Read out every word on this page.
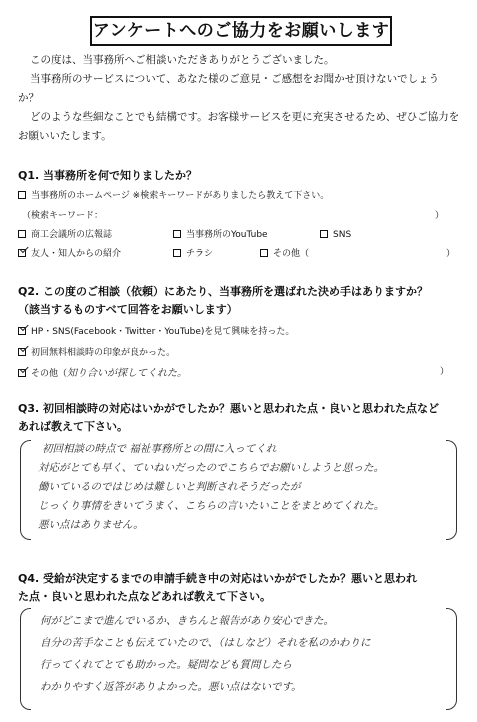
アンケートへのご協力をお願いします
この度は、当事務所へご相談いただきありがとうございました。
当事務所のサービスについて、あなた様のご意見・ご感想をお聞かせ頂けないでしょう
か？
どのような些細なことでも結構です。お客様サービスを更に充実させるため、ぜひご協力を
お願いいたします。
Q1. 当事務所を何で知りましたか？
当事務所のホームページ ※検索キーワードがありましたら教えて下さい。
（検索キーワード：	）
商工会議所の広報誌	当事務所のYouTube	SNS
友人・知人からの紹介	チラシ	その他（	）
Q2. この度のご相談（依頼）にあたり、当事務所を選ばれた決め手はありますか？
（該当するものすべて回答をお願いします）
HP・SNS(Facebook・Twitter・YouTube)を見て興味を持った。
初回無料相談時の印象が良かった。
その他（知り合いが探してくれた。	）
Q3. 初回相談時の対応はいかがでしたか？悪いと思われた点・良いと思われた点など
あれば教えて下さい。
初回相談の時点で 福祉事務所との間に入ってくれ
対応がとても早く、ていねいだったのでこちらでお願いしようと思った。
働いているのではじめは難しいと判断されそうだったが
じっくり事情をきいてうまく、こちらの言いたいことをまとめてくれた。
悪い点はありません。
Q4. 受給が決定するまでの申請手続き中の対応はいかがでしたか？悪いと思われ
た点・良いと思われた点などあれば教えて下さい。
何がどこまで進んでいるか、きちんと報告があり安心できた。
自分の苦手なことも伝えていたので、（はしなど）それを私のかわりに
行ってくれてとても助かった。疑問なども質問したら
わかりやすく返答がありよかった。悪い点はないです。
